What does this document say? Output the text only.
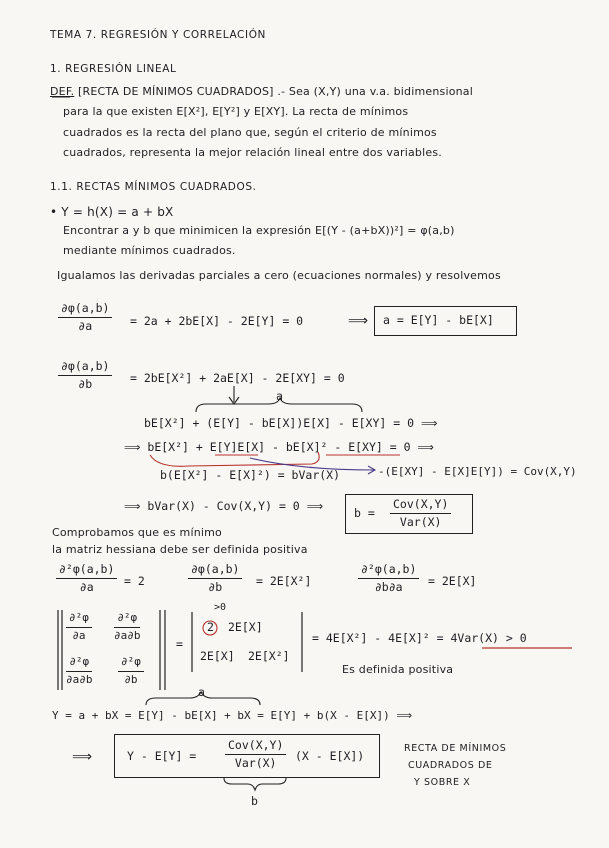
TEMA 7. REGRESIÓN Y CORRELACIÓN
1. REGRESIÓN LINEAL
DEF. [RECTA DE MÍNIMOS CUADRADOS] .- Sea (X,Y) una v.a. bidimensional
para la que existen E[X²], E[Y²] y E[XY]. La recta de mínimos
cuadrados es la recta del plano que, según el criterio de mínimos
cuadrados, representa la mejor relación lineal entre dos variables.
1.1. RECTAS MÍNIMOS CUADRADOS.
• Y = h(X) = a + bX
Encontrar a y b que minimicen la expresión E[(Y - (a+bX))²] = φ(a,b)
mediante mínimos cuadrados.
Igualamos las derivadas parciales a cero (ecuaciones normales) y resolvemos
$\frac{\partial\varphi(a,b)}{\partial a} = 2a + 2bE[X] - 2E[Y] = 0$	⟹ a = E[Y] - bE[X]
$\frac{\partial\varphi(a,b)}{\partial b} = 2bE[X^2] + 2aE[X] - 2E[XY] = 0$
a
bE[X²] + (E[Y] - bE[X])E[X] - E[XY] = 0 ⟹
⟹ bE[X²] + E[Y]E[X] - bE[X]² - E[XY] = 0 ⟹
b(E[X²] - E[X]²) = bVar(X)	-(E[XY] - E[X]E[Y]) = Cov(X,Y)
⟹ bVar(X) - Cov(X,Y) = 0 ⟹	b =
Cov(X,Y)
Var(X)
Comprobamos que es mínimo
la matriz hessiana debe ser definida positiva
$\frac{\text{∂²φ(a,b)}}{\partial a} = 2$	$\frac{\partial\varphi(a,b)}{\partial b} = 2E[X^2]$	$\frac{\text{∂²φ(a,b)}}{\partial b\partial a} = 2E[X]$
$\frac{\text{∂²φ}}{\partial a} \frac{\text{∂²φ}}{\partial a\partial b}$
$\frac{\text{∂²φ}}{\partial a\partial b} \frac{\text{∂²φ}}{\partial b}$
=
>0
2 2E[X]
2E[X] 2E[X²]
= 4E[X²] - 4E[X]² = 4Var(X) > 0
Es definida positiva
a
Y = a + bX = E[Y] - bE[X] + bX = E[Y] + b(X - E[X]) ⟹
⟹	Y - E[Y] =
Cov(X,Y)
Var(X)
(X - E[X])
b
RECTA DE MÍNIMOS
CUADRADOS DE
Y SOBRE X
